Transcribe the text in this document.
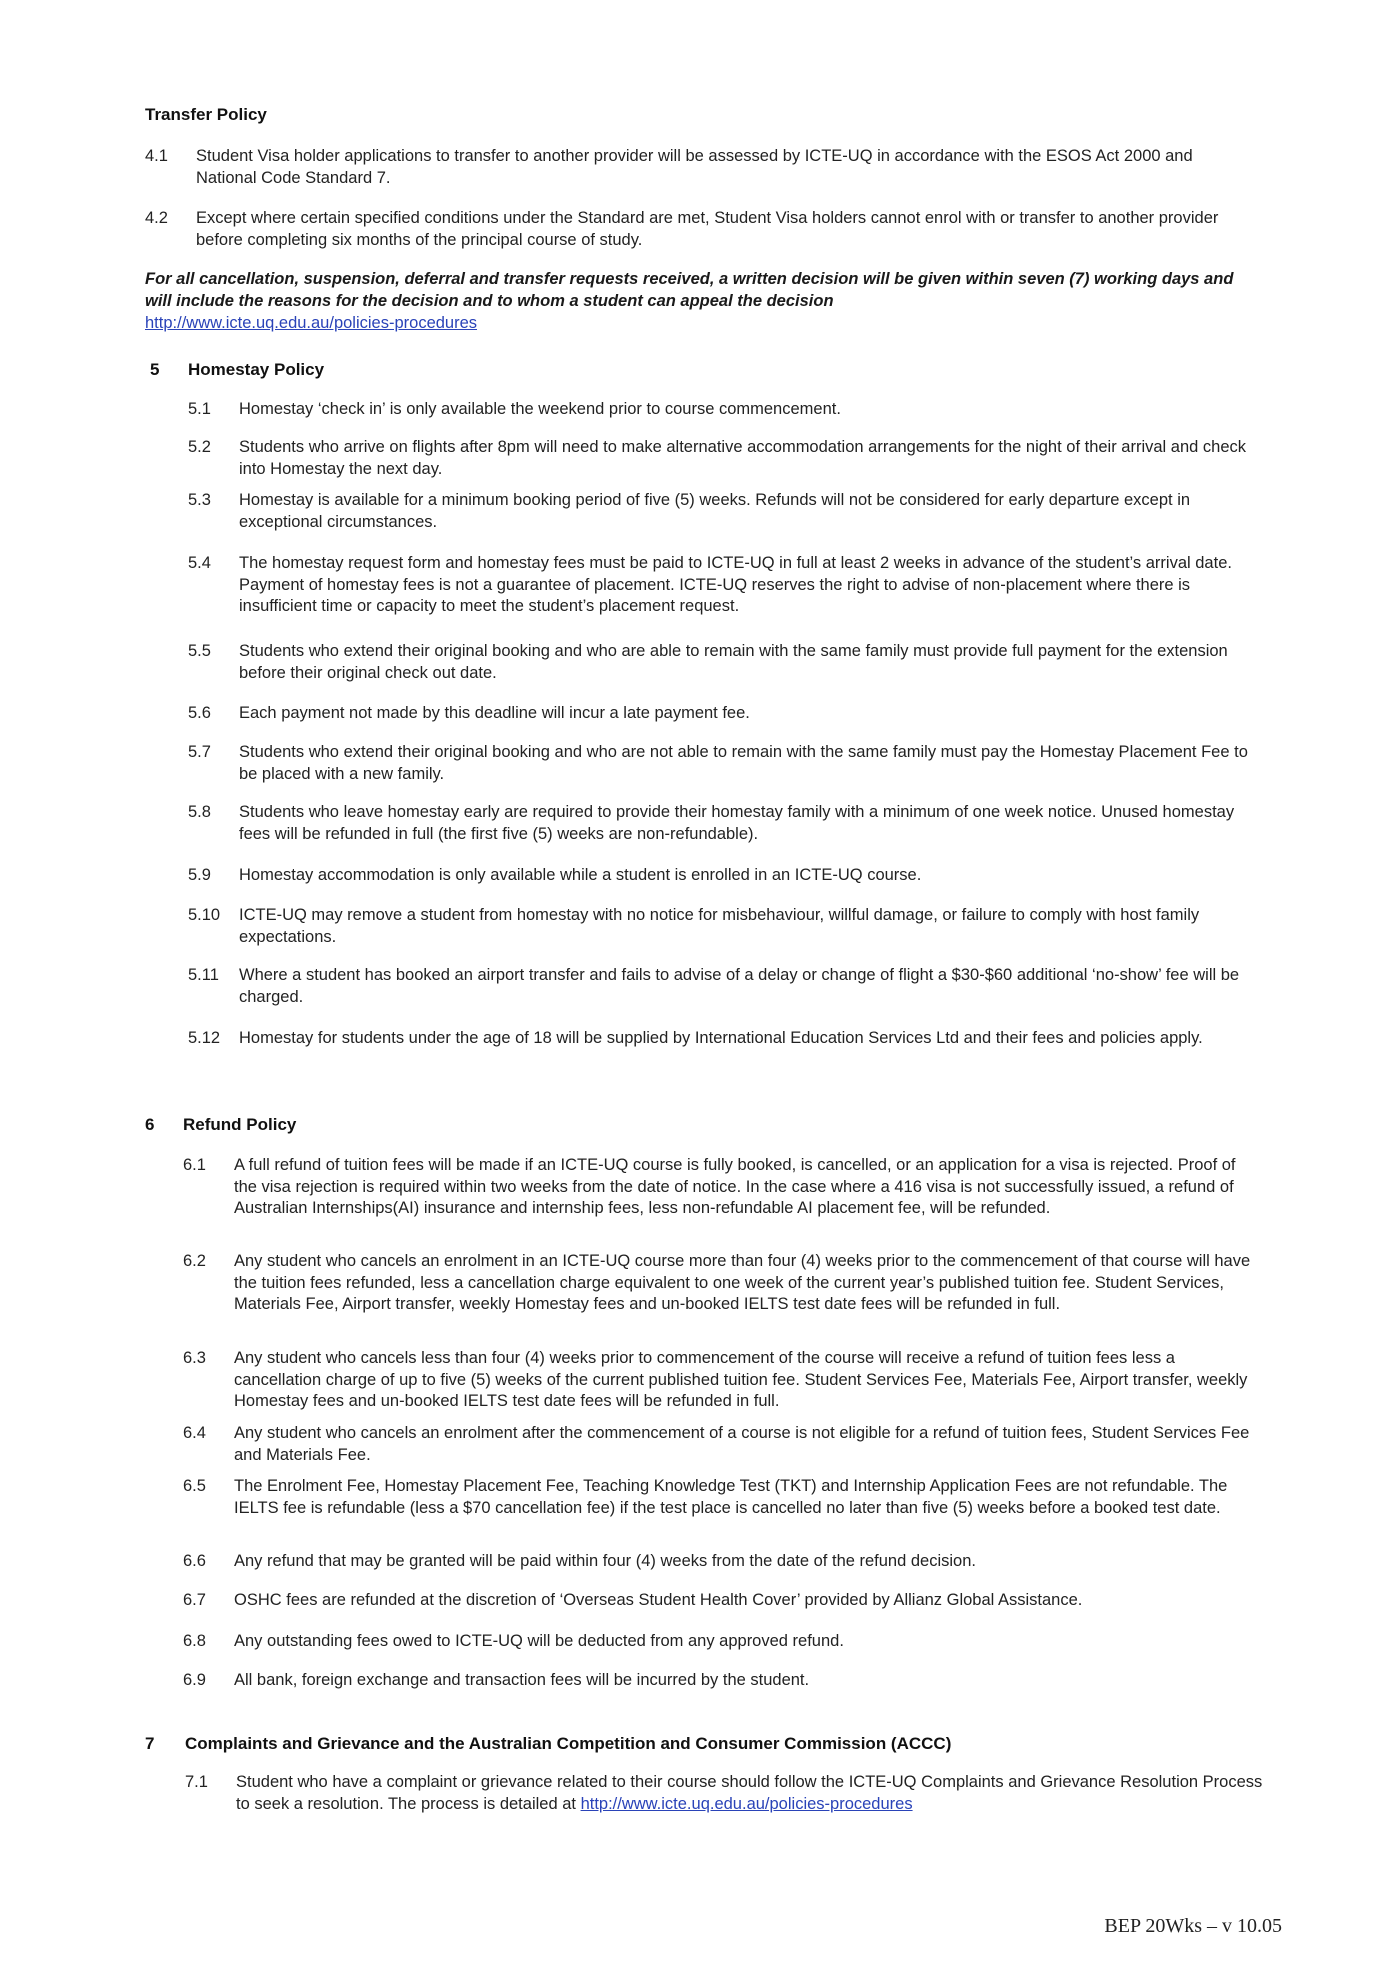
Transfer Policy
4.1 Student Visa holder applications to transfer to another provider will be assessed by ICTE-UQ in accordance with the ESOS Act 2000 and National Code Standard 7.
4.2 Except where certain specified conditions under the Standard are met, Student Visa holders cannot enrol with or transfer to another provider before completing six months of the principal course of study.
For all cancellation, suspension, deferral and transfer requests received, a written decision will be given within seven (7) working days and will include the reasons for the decision and to whom a student can appeal the decision
http://www.icte.uq.edu.au/policies-procedures
5 Homestay Policy
5.1 Homestay ‘check in’ is only available the weekend prior to course commencement.
5.2 Students who arrive on flights after 8pm will need to make alternative accommodation arrangements for the night of their arrival and check into Homestay the next day.
5.3 Homestay is available for a minimum booking period of five (5) weeks. Refunds will not be considered for early departure except in exceptional circumstances.
5.4 The homestay request form and homestay fees must be paid to ICTE-UQ in full at least 2 weeks in advance of the student’s arrival date. Payment of homestay fees is not a guarantee of placement. ICTE-UQ reserves the right to advise of non-placement where there is insufficient time or capacity to meet the student’s placement request.
5.5 Students who extend their original booking and who are able to remain with the same family must provide full payment for the extension before their original check out date.
5.6 Each payment not made by this deadline will incur a late payment fee.
5.7 Students who extend their original booking and who are not able to remain with the same family must pay the Homestay Placement Fee to be placed with a new family.
5.8 Students who leave homestay early are required to provide their homestay family with a minimum of one week notice. Unused homestay fees will be refunded in full (the first five (5) weeks are non-refundable).
5.9 Homestay accommodation is only available while a student is enrolled in an ICTE-UQ course.
5.10 ICTE-UQ may remove a student from homestay with no notice for misbehaviour, willful damage, or failure to comply with host family expectations.
5.11 Where a student has booked an airport transfer and fails to advise of a delay or change of flight a $30-$60 additional ‘no-show’ fee will be charged.
5.12 Homestay for students under the age of 18 will be supplied by International Education Services Ltd and their fees and policies apply.
6 Refund Policy
6.1 A full refund of tuition fees will be made if an ICTE-UQ course is fully booked, is cancelled, or an application for a visa is rejected. Proof of the visa rejection is required within two weeks from the date of notice. In the case where a 416 visa is not successfully issued, a refund of Australian Internships(AI) insurance and internship fees, less non-refundable AI placement fee, will be refunded.
6.2 Any student who cancels an enrolment in an ICTE-UQ course more than four (4) weeks prior to the commencement of that course will have the tuition fees refunded, less a cancellation charge equivalent to one week of the current year’s published tuition fee. Student Services, Materials Fee, Airport transfer, weekly Homestay fees and un-booked IELTS test date fees will be refunded in full.
6.3 Any student who cancels less than four (4) weeks prior to commencement of the course will receive a refund of tuition fees less a cancellation charge of up to five (5) weeks of the current published tuition fee. Student Services Fee, Materials Fee, Airport transfer, weekly Homestay fees and un-booked IELTS test date fees will be refunded in full.
6.4 Any student who cancels an enrolment after the commencement of a course is not eligible for a refund of tuition fees, Student Services Fee and Materials Fee.
6.5 The Enrolment Fee, Homestay Placement Fee, Teaching Knowledge Test (TKT) and Internship Application Fees are not refundable. The IELTS fee is refundable (less a $70 cancellation fee) if the test place is cancelled no later than five (5) weeks before a booked test date.
6.6 Any refund that may be granted will be paid within four (4) weeks from the date of the refund decision.
6.7 OSHC fees are refunded at the discretion of ‘Overseas Student Health Cover’ provided by Allianz Global Assistance.
6.8 Any outstanding fees owed to ICTE-UQ will be deducted from any approved refund.
6.9 All bank, foreign exchange and transaction fees will be incurred by the student.
7 Complaints and Grievance and the Australian Competition and Consumer Commission (ACCC)
7.1 Student who have a complaint or grievance related to their course should follow the ICTE-UQ Complaints and Grievance Resolution Process to seek a resolution. The process is detailed at http://www.icte.uq.edu.au/policies-procedures
BEP 20Wks – v 10.05
